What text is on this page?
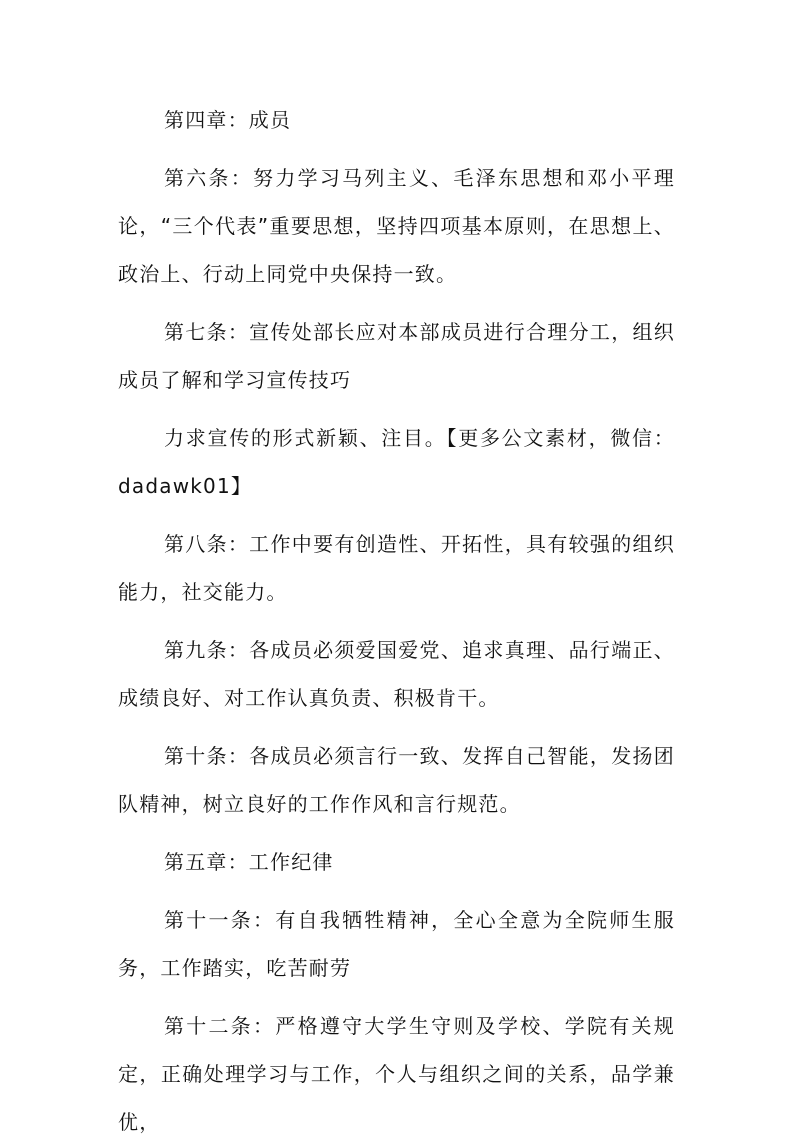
第四章：成员

第六条：努力学习马列主义、毛泽东思想和邓小平理论，“三个代表”重要思想，坚持四项基本原则，在思想上、政治上、行动上同党中央保持一致。

第七条：宣传处部长应对本部成员进行合理分工，组织成员了解和学习宣传技巧

力求宣传的形式新颖、注目。【更多公文素材，微信：dadawk01】

第八条：工作中要有创造性、开拓性，具有较强的组织能力，社交能力。

第九条：各成员必须爱国爱党、追求真理、品行端正、成绩良好、对工作认真负责、积极肯干。

第十条：各成员必须言行一致、发挥自己智能，发扬团队精神，树立良好的工作作风和言行规范。

第五章：工作纪律

第十一条：有自我牺牲精神，全心全意为全院师生服务，工作踏实，吃苦耐劳

第十二条：严格遵守大学生守则及学校、学院有关规定，正确处理学习与工作，个人与组织之间的关系，品学兼优，
